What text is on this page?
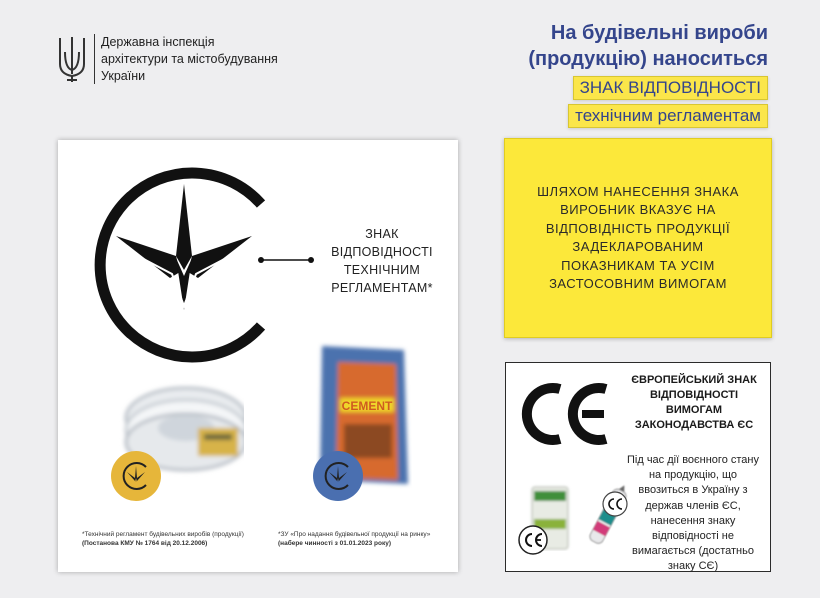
Державна інспекція
архітектури та містобудування
України
На будівельні вироби
(продукцію) наноситься
ЗНАК ВІДПОВІДНОСТІ
технічним регламентам
CEMENT
*Технічний регламент будівельних виробів (продукції)
(Постанова КМУ № 1764 від 20.12.2006)
*ЗУ «Про надання будівельної продукції на ринку»
(набере чинності з 01.01.2023 року)
ЗНАК
ВІДПОВІДНОСТІ
ТЕХНІЧНИМ
РЕГЛАМЕНТАМ*
ШЛЯХОМ НАНЕСЕННЯ ЗНАКА
ВИРОБНИК ВКАЗУЄ НА
ВІДПОВІДНІСТЬ ПРОДУКЦІЇ
ЗАДЕКЛАРОВАНИМ
ПОКАЗНИКАМ ТА УСІМ
ЗАСТОСОВНИМ ВИМОГАМ
ЄВРОПЕЙСЬКИЙ ЗНАК
ВІДПОВІДНОСТІ
ВИМОГАМ
ЗАКОНОДАВСТВА ЄС
Під час дії воєнного стану
на продукцію, що
ввозиться в Україну з
держав членів ЄС,
нанесення знаку
відповідності не
вимагається (достатньо
знаку CЄ)
